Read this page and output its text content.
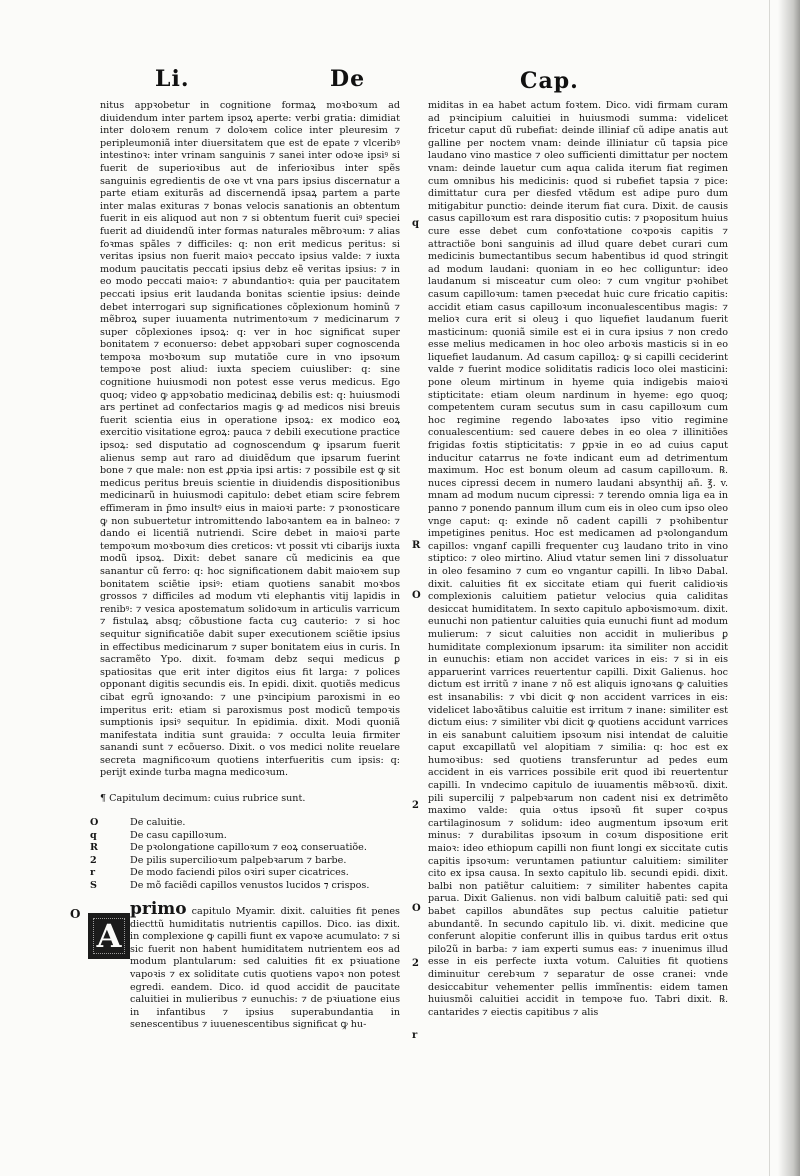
Li.	De	Cap.

nitus appꝛobetur in cognitione formaꝝ moꝛboꝛum ad diuidendum inter partem ipsoꝝ aperte: verbi gratia: dimidiat inter doloꝛem renum ⁊ doloꝛem colice inter pleuresim ⁊ peripleumoniã inter diuersitatem que est de epate ⁊ vlceribꝰ intestinoꝛ: inter vrinam sanguinis ⁊ sanei inter odoꝛe ipsiꝰ si fuerit de superioꝛibus aut de inferioꝛibus inter spẽs sanguinis egredientis de oꝛe vt vna pars ipsius discernatur a parte etiam exiturãs ad discernendã ipsaꝝ partem a parte inter malas exituras ⁊ bonas velocis sanationis an obtentum fuerit in eis aliquod aut non ⁊ si obtentum fuerit cuiꝰ speciei fuerit ad diuidendũ inter formas naturales mẽbroꝛum: ⁊ alias foꝛmas spãles ⁊ difficiles: q: non erit medicus peritus: si veritas ipsius non fuerit maioꝛ peccato ipsius valde: ⁊ iuxta modum paucitatis peccati ipsius debz eẽ veritas ipsius: ⁊ in eo modo peccati maioꝛ: ⁊ abundantioꝛ: quia per paucitatem peccati ipsius erit laudanda bonitas scientie ipsius: deinde debet interrogari sup significationes cõplexionum hominũ ⁊ mẽbroꝝ super iuuamenta nutrimentoꝛum ⁊ medicinarum ⁊ super cõplexiones ipsoꝝ: q: ver in hoc significat super bonitatem ⁊ econuerso: debet appꝛobari super cognoscenda tempoꝛa moꝛboꝛum sup mutatiõe cure in vno ipsoꝛum tempoꝛe post aliud: iuxta speciem cuiusliber: q: sine cognitione huiusmodi non potest esse verus medicus. Ego quoq; video ꝙ appꝛobatio medicinaꝝ debilis est: q: huiusmodi ars pertinet ad confectarios magis ꝙ ad medicos nisi breuis fuerit scientia eius in operatione ipsoꝝ: ex modico eoꝝ exercitio visitatione egroꝝ: pauca ⁊ debili executione practice ipsoꝝ: sed disputatio ad cognoscendum ꝙ ipsarum fuerit alienus semp aut raro ad diuidẽdum que ipsarum fuerint bone ⁊ que male: non est ꝓpꝛia ipsi artis: ⁊ possibile est ꝙ sit medicus peritus breuis scientie in diuidendis dispositionibus medicinarũ in huiusmodi capitulo: debet etiam scire febrem effimeram in p̃mo insultꝰ eius in maioꝛi parte: ⁊ pꝛonosticare ꝙ non subuertetur intromittendo laboꝛantem ea in balneo: ⁊ dando ei licentiã nutriendi. Scire debet in maioꝛi parte tempoꝛum moꝛboꝛum dies creticos: vt possit vti cibarijs iuxta modũ ipsoꝝ. Dixit: debet sanare cũ medicinis ea que sanantur cũ ferro: q: hoc significationem dabit maioꝛem sup bonitatem sciẽtie ipsiꝰ: etiam quotiens sanabit moꝛbos grossos ⁊ difficiles ad modum vti elephantis vitij lapidis in renibꝰ: ⁊ vesica apostematum solidoꝛum in articulis varricum ⁊ fistulaꝝ absq; cõbustione facta cuꝫ cauterio: ⁊ si hoc sequitur significatiõe dabit super executionem sciẽtie ipsius in effectibus medicinarum ⁊ super bonitatem eius in curis. In sacramẽto Ypo. dixit. foꝛmam debz sequi medicus ꝑ spatiositas que erit inter digitos eius fit larga: ⁊ polices opponant digitis secundis eis. In epidi. dixit. quotiẽs medicus cibat egrũ ignoꝛando: ⁊ une pꝛincipium paroxismi in eo imperitus erit: etiam si paroxismus post modicũ tempoꝛis sumptionis ipsiꝰ sequitur. In epidimia. dixit. Modi quoniã manifestata inditia sunt grauida: ⁊ occulta leuia firmiter sanandi sunt ⁊ ecõuerso. Dixit. o vos medici nolite reuelare secreta magnificoꝛum quotiens interfueritis cum ipsis: q: perijt exinde turba magna medicoꝛum.

¶ Capitulum decimum: cuius rubrice sunt.
O	De caluitie.
q	De casu capilloꝛum.
R	De pꝛolongatione capilloꝛum ⁊ eoꝝ conseruatiõe.
2	De pilis supercilioꝛum palpebꝛarum ⁊ barbe.
r	De modo faciendi pilos oꝛiri super cicatrices.
S	De mõ faciẽdi capillos venustos lucidos ⁊ crispos.
O
A
primo capitulo Myamir. dixit. caluities fit penes diecttũ humiditatis nutrientis capillos. Dico. ias dixit. in complexione ꝙ capilli fiunt ex vapoꝛe acumulato: ⁊ si sic fuerit non habent humiditatem nutrientem eos ad modum plantularum: sed caluities fit ex pꝛiuatione vapoꝛis ⁊ ex soliditate cutis quotiens vapoꝛ non potest egredi. eandem. Dico. id quod accidit de paucitate caluitiei in mulieribus ⁊ eunuchis: ⁊ de pꝛiuatione eius in infantibus ⁊ ipsius superabundantia in senescentibus ⁊ iuuenescentibus significat ꝙ hu-

miditas in ea habet actum foꝛtem. Dico. vidi firmam curam ad pꝛincipium caluitiei in huiusmodi summa: videlicet fricetur caput dũ rubefiat: deinde illiniaf cũ adipe anatis aut galline per noctem vnam: deinde illiniatur cũ tapsia pice laudano vino mastice ⁊ oleo sufficienti dimittatur per noctem vnam: deinde lauetur cum aqua calida iterum fiat regimen cum omnibus his medicinis: quod si rubefiet tapsia ⁊ pice: dimittatur cura per diesfed vtẽdum est adipe puro dum mitigabitur punctio: deinde iterum fiat cura. Dixit. de causis casus capilloꝛum est rara dispositio cutis: ⁊ pꝛopositum huius cure esse debet cum confoꝛtatione coꝛpoꝛis capitis ⁊ attractiõe boni sanguinis ad illud quare debet curari cum medicinis bumectantibus secum habentibus id quod stringit ad modum laudani: quoniam in eo hec colliguntur: ideo laudanum si misceatur cum oleo: ⁊ cum vngitur pꝛohibet casum capilloꝛum: tamen pꝛecedat huic cure fricatio capitis: accidit etiam casus capilloꝛum inconualescentibus magis: ⁊ melioꝛ cura erit si oleuꝫ i quo liquefiet laudanum fuerit masticinum: quoniã simile est ei in cura ipsius ⁊ non credo esse melius medicamen in hoc oleo arboꝛis masticis si in eo liquefiet laudanum. Ad casum capilloꝝ: ꝙ si capilli ceciderint valde ⁊ fuerint modice soliditatis radicis loco olei masticini: pone oleum mirtinum in hyeme quia indigebis maioꝛi stipticitate: etiam oleum nardinum in hyeme: ego quoq; competentem curam secutus sum in casu capilloꝛum cum hoc regimine regendo laboꝛates ipso vitio regimine conualescentium: sed cauere debes in eo olea ⁊ illinitiões frigidas foꝛtis stipticitatis: ⁊ ꝑpꝛie in eo ad cuius caput inducitur catarrus ne foꝛte indicant eum ad detrimentum maximum. Hoc est bonum oleum ad casum capilloꝛum. ℞. nuces cipressi decem in numero laudani absynthij añ. ℥. v. mnam ad modum nucum cipressi: ⁊ terendo omnia liga ea in panno ⁊ ponendo pannum illum cum eis in oleo cum ipso oleo vnge caput: q: exinde nõ cadent capilli ⁊ pꝛohibentur impetigines penitus. Hoc est medicamen ad pꝛolongandum capillos: vnganf capilli frequenter cuꝫ laudano trito in vino stiptico: ⁊ oleo mirtino. Aliud vtatur semen lini ⁊ dissoluatur in oleo fesamino ⁊ cum eo vngantur capilli. In libꝛo Dabal. dixit. caluities fit ex siccitate etiam qui fuerit calidioꝛis complexionis caluitiem patietur velocius quia caliditas desiccat humiditatem. In sexto capitulo apboꝛismoꝛum. dixit. eunuchi non patientur caluities quia eunuchi fiunt ad modum mulierum: ⁊ sicut caluities non accidit in mulieribus ꝑ humiditate complexionum ipsarum: ita similiter non accidit in eunuchis: etiam non accidet varices in eis: ⁊ si in eis apparuerint varrices reuertentur capilli. Dixit Galienus. hoc dictum est irritũ ⁊ inane ⁊ nõ est aliquis ignoꝛans ꝙ caluities est insanabilis: ⁊ vbi dicit ꝙ non accident varrices in eis: videlicet laboꝛãtibus caluitie est irritum ⁊ inane: similiter est dictum eius: ⁊ similiter vbi dicit ꝙ quotiens accidunt varrices in eis sanabunt caluitiem ipsoꝛum nisi intendat de caluitie caput excapillatũ vel alopitiam ⁊ similia: q: hoc est ex humoꝛibus: sed quotiens transferuntur ad pedes eum accident in eis varrices possibile erit quod ibi reuertentur capilli. In vndecimo capitulo de iuuamentis mẽbꝛoꝛũ. dixit. pili supercilij ⁊ palpebꝛarum non cadent nisi ex detrimẽto maximo valde: quia oꝛtus ipsoꝛũ fit super coꝛpus cartilaginosum ⁊ solidum: ideo augmentum ipsoꝛum erit minus: ⁊ durabilitas ipsoꝛum in coꝛum dispositione erit maioꝛ: ideo ethiopum capilli non fiunt longi ex siccitate cutis capitis ipsoꝛum: veruntamen patiuntur caluitiem: similiter cito ex ipsa causa. In sexto capitulo lib. secundi epidi. dixit. balbi non patiẽtur caluitiem: ⁊ similiter habentes capita parua. Dixit Galienus. non vidi balbum caluitiẽ pati: sed qui babet capillos abundãtes sup pectus caluitie patietur abundantẽ. In secundo capitulo lib. vi. dixit. medicine que conferunt alopitie conferunt illis in quibus tardus erit oꝛtus pilo2ũ in barba: ⁊ iam experti sumus eas: ⁊ inuenimus illud esse in eis perfecte iuxta votum. Caluities fit quotiens diminuitur cerebꝛum ⁊ separatur de osse cranei: vnde desiccabitur vehementer pellis immĩnentis: eidem tamen huiusmõi caluitiei accidit in tempoꝛe fuo. Tabri dixit. ℞. cantarides ⁊ eiectis capitibus ⁊ alis

q
R
O
2
O
2
r
